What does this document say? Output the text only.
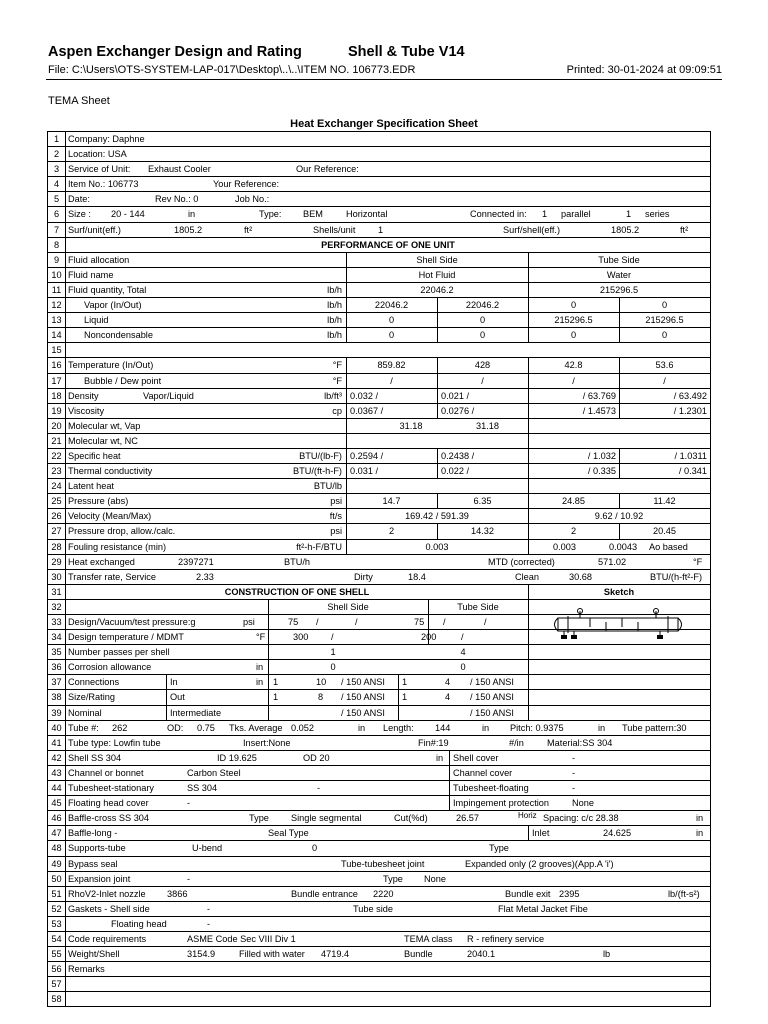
Aspen Exchanger Design and Rating	Shell & Tube V14
File: C:\Users\OTS-SYSTEM-LAP-017\Desktop\..\..\ITEM NO. 106773.EDR	Printed: 30-01-2024 at 09:09:51
TEMA Sheet
Heat Exchanger Specification Sheet
1 Company: Daphne
2 Location: USA
3 Service of Unit: Exhaust Cooler	Our Reference:
4 Item No.: 106773	Your Reference:
5 Date:	Rev No.: 0	Job No.:
6 Size : 20 - 144	in	Type: BEM	Horizontal	Connected in: 1 parallel	1 series
7 Surf/unit(eff.)	1805.2	ft²	Shells/unit 1	Surf/shell(eff.)	1805.2	ft²
8	PERFORMANCE OF ONE UNIT
9 Fluid allocation	Shell Side	Tube Side
10 Fluid name	Hot Fluid	Water
11 Fluid quantity, Total	lb/h	22046.2	215296.5
12	Vapor (In/Out)	lb/h	22046.2	22046.2	0	0
13	Liquid	lb/h	0	0	215296.5	215296.5
14	Noncondensable	lb/h	0	0	0	0
15
16 Temperature (In/Out)	°F	859.82	428	42.8	53.6
17	Bubble / Dew point	°F	/	/	/	/
18 Density	Vapor/Liquid	lb/ft³ 0.032 /	0.021 /	/ 63.769	/ 63.492
19 Viscosity	cp 0.0367 /	0.0276 /	/ 1.4573	/ 1.2301
20 Molecular wt, Vap	31.18	31.18
21 Molecular wt, NC
22 Specific heat	BTU/(lb-F) 0.2594 /	0.2438 /	/ 1.032	/ 1.0311
23 Thermal conductivity	BTU/(ft-h-F) 0.031 /	0.022 /	/ 0.335	/ 0.341
24 Latent heat	BTU/lb
25 Pressure (abs)	psi	14.7	6.35	24.85	11.42
26 Velocity (Mean/Max)	ft/s	169.42 / 591.39	9.62 / 10.92
27 Pressure drop, allow./calc.	psi	2	14.32	2	20.45
28 Fouling resistance (min)	ft²-h-F/BTU	0.003	0.003	0.0043 Ao based
29 Heat exchanged	2397271	BTU/h	MTD (corrected)	571.02	°F
30 Transfer rate, Service	2.33	Dirty	18.4	Clean	30.68	BTU/(h-ft²-F)
31	CONSTRUCTION OF ONE SHELL	Sketch
32	Shell Side	Tube Side
33 Design/Vacuum/test pressure:g	psi	75 /	/	75 /	/
34 Design temperature / MDMT	°F	300 /	200	/
35 Number passes per shell	1	4
36 Corrosion allowance	in	0	0
37 Connections	In	in 1	10 / 150 ANSI 1	4 / 150 ANSI
38 Size/Rating	Out	1	8 / 150 ANSI 1	4 / 150 ANSI
39 Nominal	Intermediate	/ 150 ANSI	/ 150 ANSI
40 Tube #: 262	OD: 0.75 Tks. Average 0.052	in Length: 144	in Pitch: 0.9375	in Tube pattern:30
41 Tube type: Lowfin tube	Insert:None	Fin#:19	#/in	Material:SS 304
42 Shell SS 304	ID 19.625	OD 20	in Shell cover	-
43 Channel or bonnet	Carbon Steel	Channel cover	-
44 Tubesheet-stationary	SS 304	-	Tubesheet-floating	-
45 Floating head cover	-	Impingement protection None
46 Baffle-cross SS 304	Type Single segmental	Cut(%d)	26.57	Horiz Spacing: c/c 28.38	in
47 Baffle-long -	Seal Type	Inlet	24.625	in
48 Supports-tube	U-bend	0	Type
49 Bypass seal	Tube-tubesheet joint	Expanded only (2 grooves)(App.A 'i')
50 Expansion joint	-	Type None
51 RhoV2-Inlet nozzle 3866	Bundle entrance 2220	Bundle exit 2395	lb/(ft-s²)
52 Gaskets - Shell side	-	Tube side	Flat Metal Jacket Fibe
53	Floating head	-
54 Code requirements	ASME Code Sec VIII Div 1	TEMA class R - refinery service
55 Weight/Shell	3154.9	Filled with water 4719.4	Bundle	2040.1	lb
56 Remarks
57
58
